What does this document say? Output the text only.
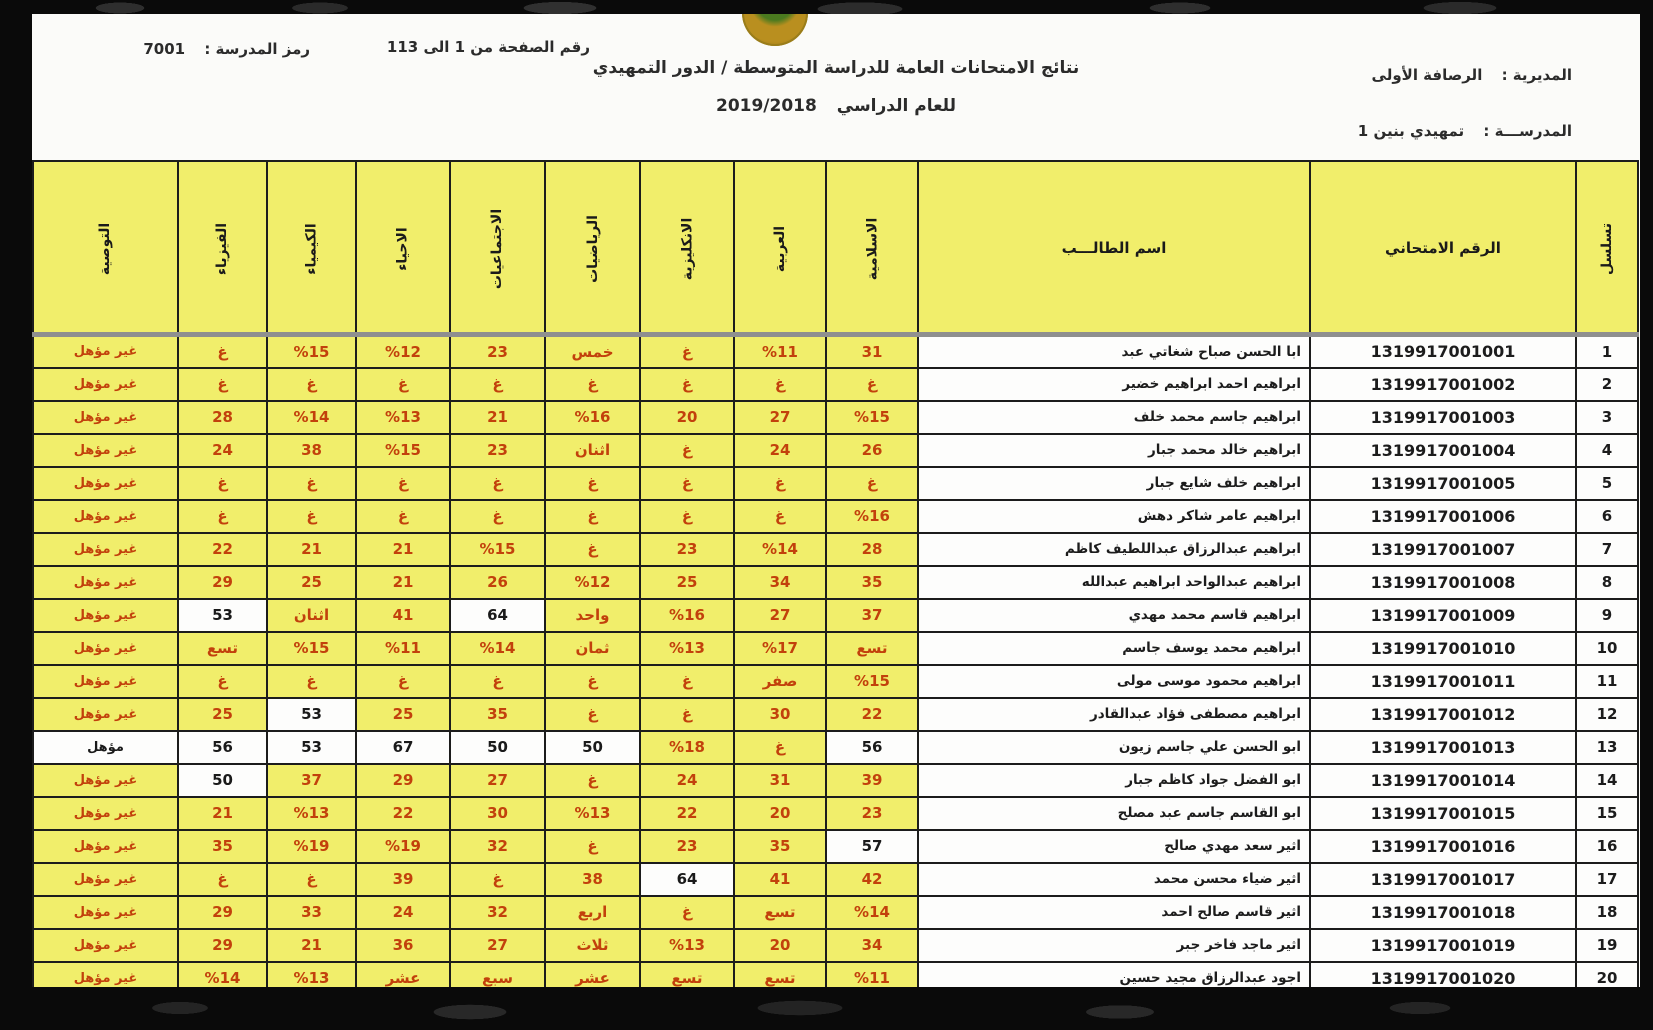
رمز المدرسة : 7001	رقم الصفحة من 1 الى 113
نتائج الامتحانات العامة للدراسة المتوسطة / الدور التمهيدي
للعام الدراسي 2019/2018
المديرية : الرصافة الأولى
المدرســـة : تمهيدي بنين 1
تسلسل	الرقم الامتحاني	اسم الطالـــب	الاسلامية	العربية	الانكليزية	الرياضيات	الاجتماعيات	الاحياء	الكيمياء	الفيزياء	التوصية
1	1319917001001	ابا الحسن صباح شغاتي عبد	31	%11	غ	خمس	23	%12	%15	غ	غير مؤهل
2	1319917001002	ابراهيم احمد ابراهيم خضير	غ	غ	غ	غ	غ	غ	غ	غ	غير مؤهل
3	1319917001003	ابراهيم جاسم محمد خلف	%15	27	20	%16	21	%13	%14	28	غير مؤهل
4	1319917001004	ابراهيم خالد محمد جبار	26	24	غ	اثنان	23	%15	38	24	غير مؤهل
5	1319917001005	ابراهيم خلف شايع جبار	غ	غ	غ	غ	غ	غ	غ	غ	غير مؤهل
6	1319917001006	ابراهيم عامر شاكر دهش	%16	غ	غ	غ	غ	غ	غ	غ	غير مؤهل
7	1319917001007	ابراهيم عبدالرزاق عبداللطيف كاظم	28	%14	23	غ	%15	21	21	22	غير مؤهل
8	1319917001008	ابراهيم عبدالواحد ابراهيم عبدالله	35	34	25	%12	26	21	25	29	غير مؤهل
9	1319917001009	ابراهيم قاسم محمد مهدي	37	27	%16	واحد	64	41	اثنان	53	غير مؤهل
10	1319917001010	ابراهيم محمد يوسف جاسم	تسع	%17	%13	ثمان	%14	%11	%15	تسع	غير مؤهل
11	1319917001011	ابراهيم محمود موسى مولى	%15	صفر	غ	غ	غ	غ	غ	غ	غير مؤهل
12	1319917001012	ابراهيم مصطفى فؤاد عبدالقادر	22	30	غ	غ	35	25	53	25	غير مؤهل
13	1319917001013	ابو الحسن علي جاسم زيون	56	غ	%18	50	50	67	53	56	مؤهل
14	1319917001014	ابو الفضل جواد كاظم جبار	39	31	24	غ	27	29	37	50	غير مؤهل
15	1319917001015	ابو القاسم جاسم عبد مصلح	23	20	22	%13	30	22	%13	21	غير مؤهل
16	1319917001016	اثير سعد مهدي صالح	57	35	23	غ	32	%19	%19	35	غير مؤهل
17	1319917001017	اثير ضياء محسن محمد	42	41	64	38	غ	39	غ	غ	غير مؤهل
18	1319917001018	اثير قاسم صالح احمد	%14	تسع	غ	اربع	32	24	33	29	غير مؤهل
19	1319917001019	اثير ماجد فاخر جبر	34	20	%13	ثلاث	27	36	21	29	غير مؤهل
20	1319917001020	اجود عبدالرزاق مجيد حسين	%11	تسع	تسع	عشر	سبع	عشر	%13	%14	غير مؤهل
